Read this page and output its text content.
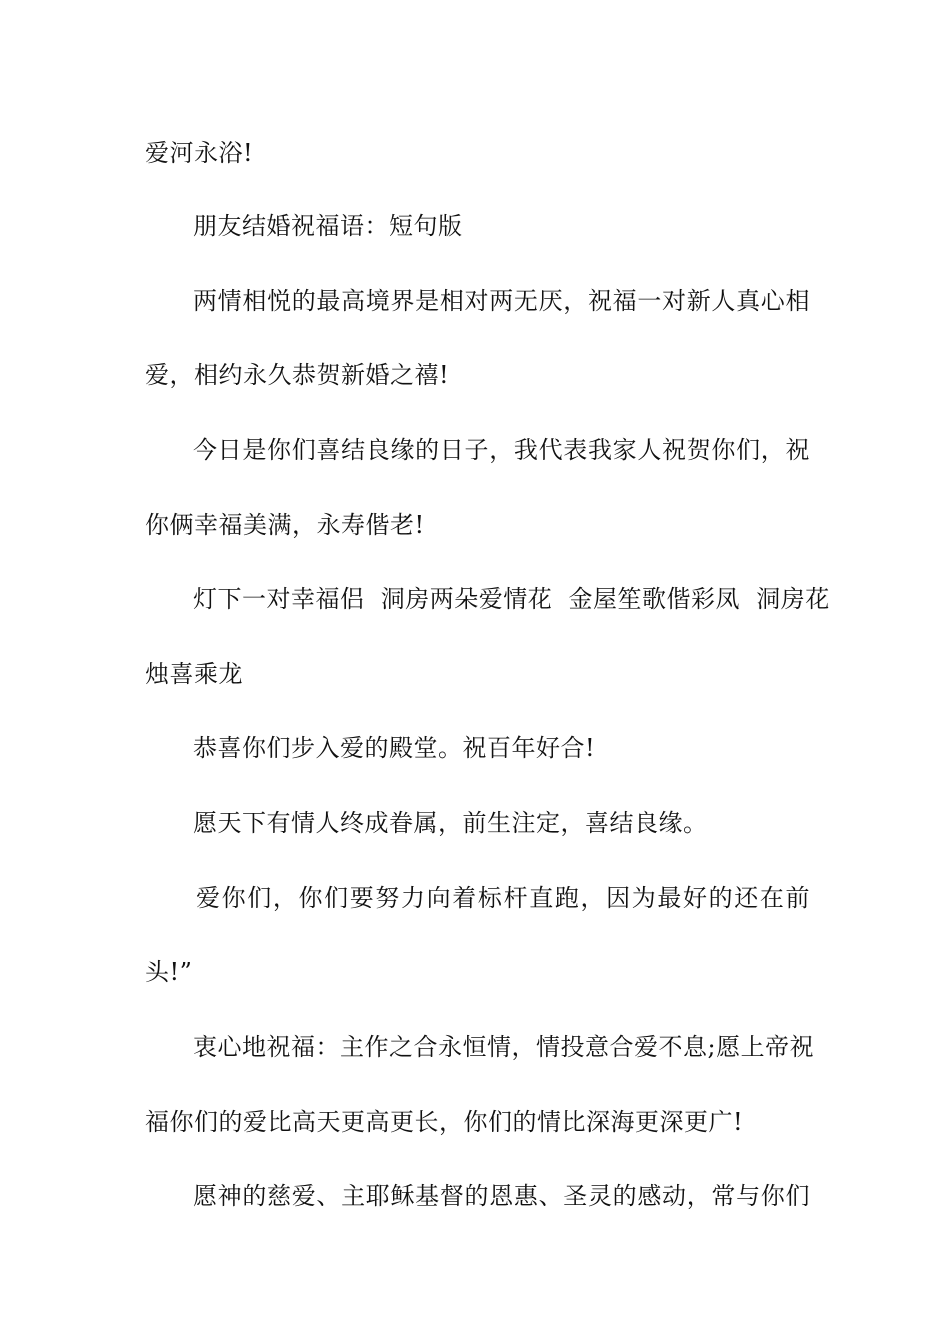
爱河永浴!
朋友结婚祝福语：短句版
两情相悦的最高境界是相对两无厌，祝福一对新人真心相
爱，相约永久恭贺新婚之禧!
今日是你们喜结良缘的日子，我代表我家人祝贺你们，祝
你俩幸福美满，永寿偕老!
灯下一对幸福侣  洞房两朵爱情花  金屋笙歌偕彩凤  洞房花
烛喜乘龙
恭喜你们步入爱的殿堂。祝百年好合!
愿天下有情人终成眷属，前生注定，喜结良缘。
爱你们，你们要努力向着标杆直跑，因为最好的还在前
头!”
衷心地祝福：主作之合永恒情，情投意合爱不息;愿上帝祝
福你们的爱比高天更高更长，你们的情比深海更深更广!
愿神的慈爱、主耶稣基督的恩惠、圣灵的感动，常与你们
